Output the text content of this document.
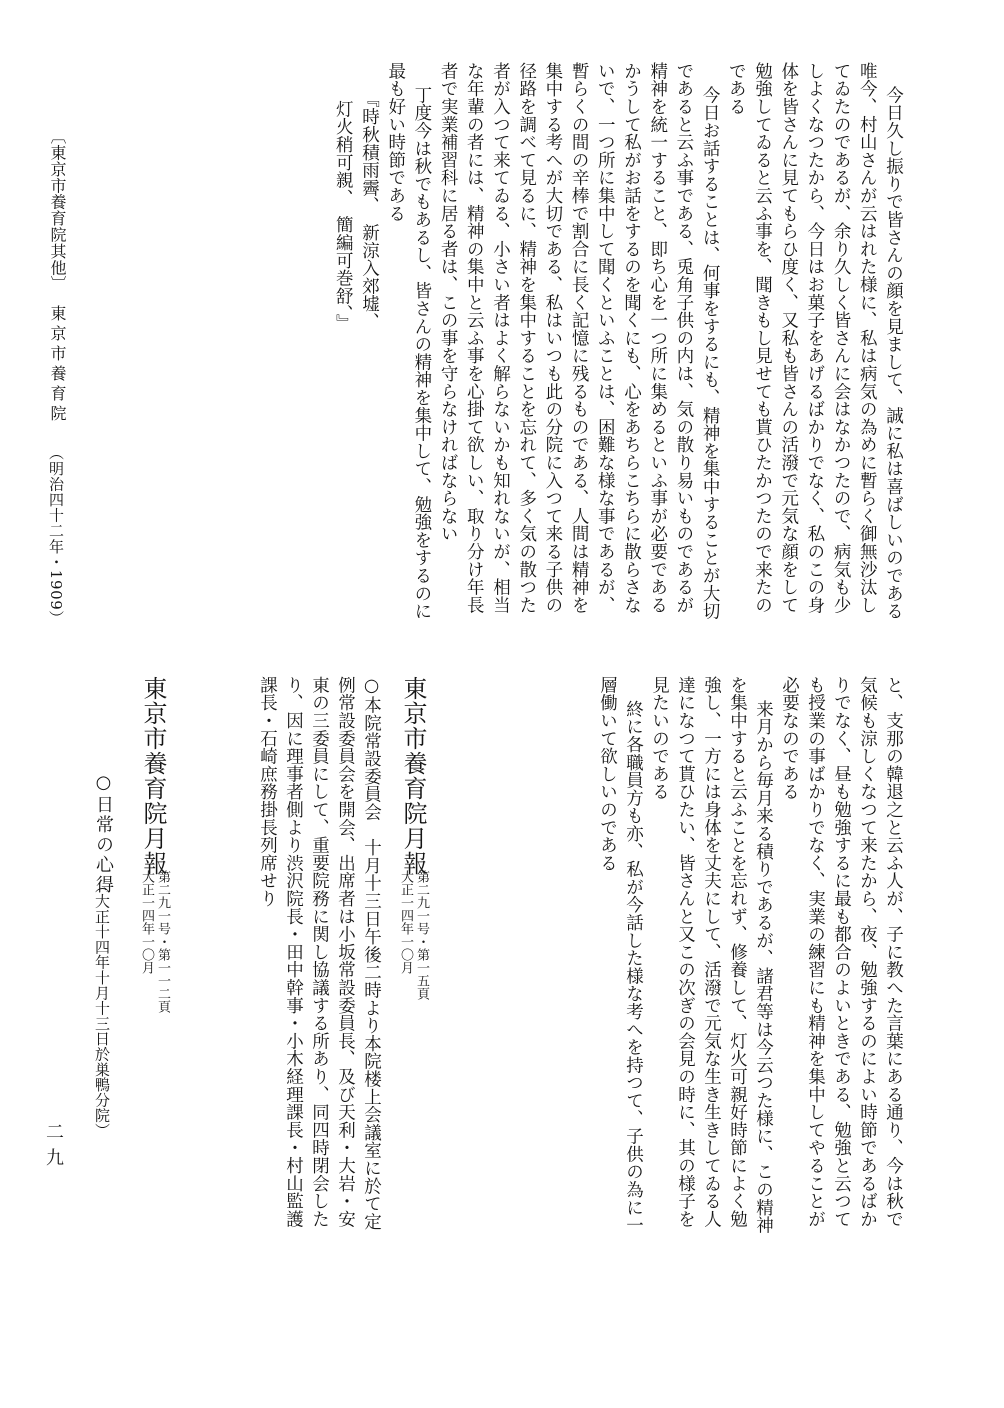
今日久し振りで皆さんの顔を見まして、誠に私は喜ばしいのである
唯今、村山さんが云はれた様に、私は病気の為めに暫らく御無沙汰し
てゐたのであるが、余り久しく皆さんに会はなかつたので、病気も少
しよくなつたから、今日はお菓子をあげるばかりでなく、私のこの身
体を皆さんに見てもらひ度く、又私も皆さんの活潑で元気な顔をして
勉強してゐると云ふ事を、聞きもし見せても貰ひたかつたので来たの
である
今日お話することは、何事をするにも、精神を集中することが大切
であると云ふ事である、兎角子供の内は、気の散り易いものであるが
精神を統一すること、即ち心を一つ所に集めるといふ事が必要である
かうして私がお話をするのを聞くにも、心をあちらこちらに散らさな
いで、一つ所に集中して聞くといふことは、困難な様な事であるが、
暫らくの間の辛棒で割合に長く記憶に残るものである、人間は精神を
集中する考へが大切である、私はいつも此の分院に入つて来る子供の
径路を調べて見るに、精神を集中することを忘れて、多く気の散つた
者が入つて来てゐる、小さい者はよく解らないかも知れないが、相当
な年輩の者には、精神の集中と云ふ事を心掛て欲しい、取り分け年長
者で実業補習科に居る者は、この事を守らなければならない
丁度今は秋でもあるし、皆さんの精神を集中して、勉強をするのに
最も好い時節である
『時秋積雨霽、　新涼入郊墟、
灯火稍可親、　簡編可巻舒、』
〔東京市養育院其他〕
東京市養育院
（明治四十二年・1909）
と、支那の韓退之と云ふ人が、子に教へた言葉にある通り、今は秋で
気候も涼しくなつて来たから、夜、勉強するのによい時節であるばか
りでなく、昼も勉強するに最も都合のよいときである、勉強と云つて
も授業の事ばかりでなく、実業の練習にも精神を集中してやることが
必要なのである
来月から毎月来る積りであるが、諸君等は今云つた様に、この精神
を集中すると云ふことを忘れず、修養して、灯火可親好時節によく勉
強し、一方には身体を丈夫にして、活潑で元気な生き生きしてゐる人
達になつて貰ひたい、皆さんと又この次ぎの会見の時に、其の様子を
見たいのである
終に各職員方も亦、私が今話した様な考へを持つて、子供の為に一
層働いて欲しいのである
東京市養育院月報
第二九一号・第一五頁
大正一四年一〇月
○本院常設委員会　十月十三日午後二時より本院楼上会議室に於て定
例常設委員会を開会、出席者は小坂常設委員長、及び天利・大岩・安
東の三委員にして、重要院務に関し協議する所あり、同四時閉会した
り、因に理事者側より渋沢院長・田中幹事・小木経理課長・村山監護
課長・石崎庶務掛長列席せり
東京市養育院月報
第二九一号・第一一二頁
大正一四年一〇月
○日常の心得
（大正十四年十月十三日於巣鴨分院）
二九
